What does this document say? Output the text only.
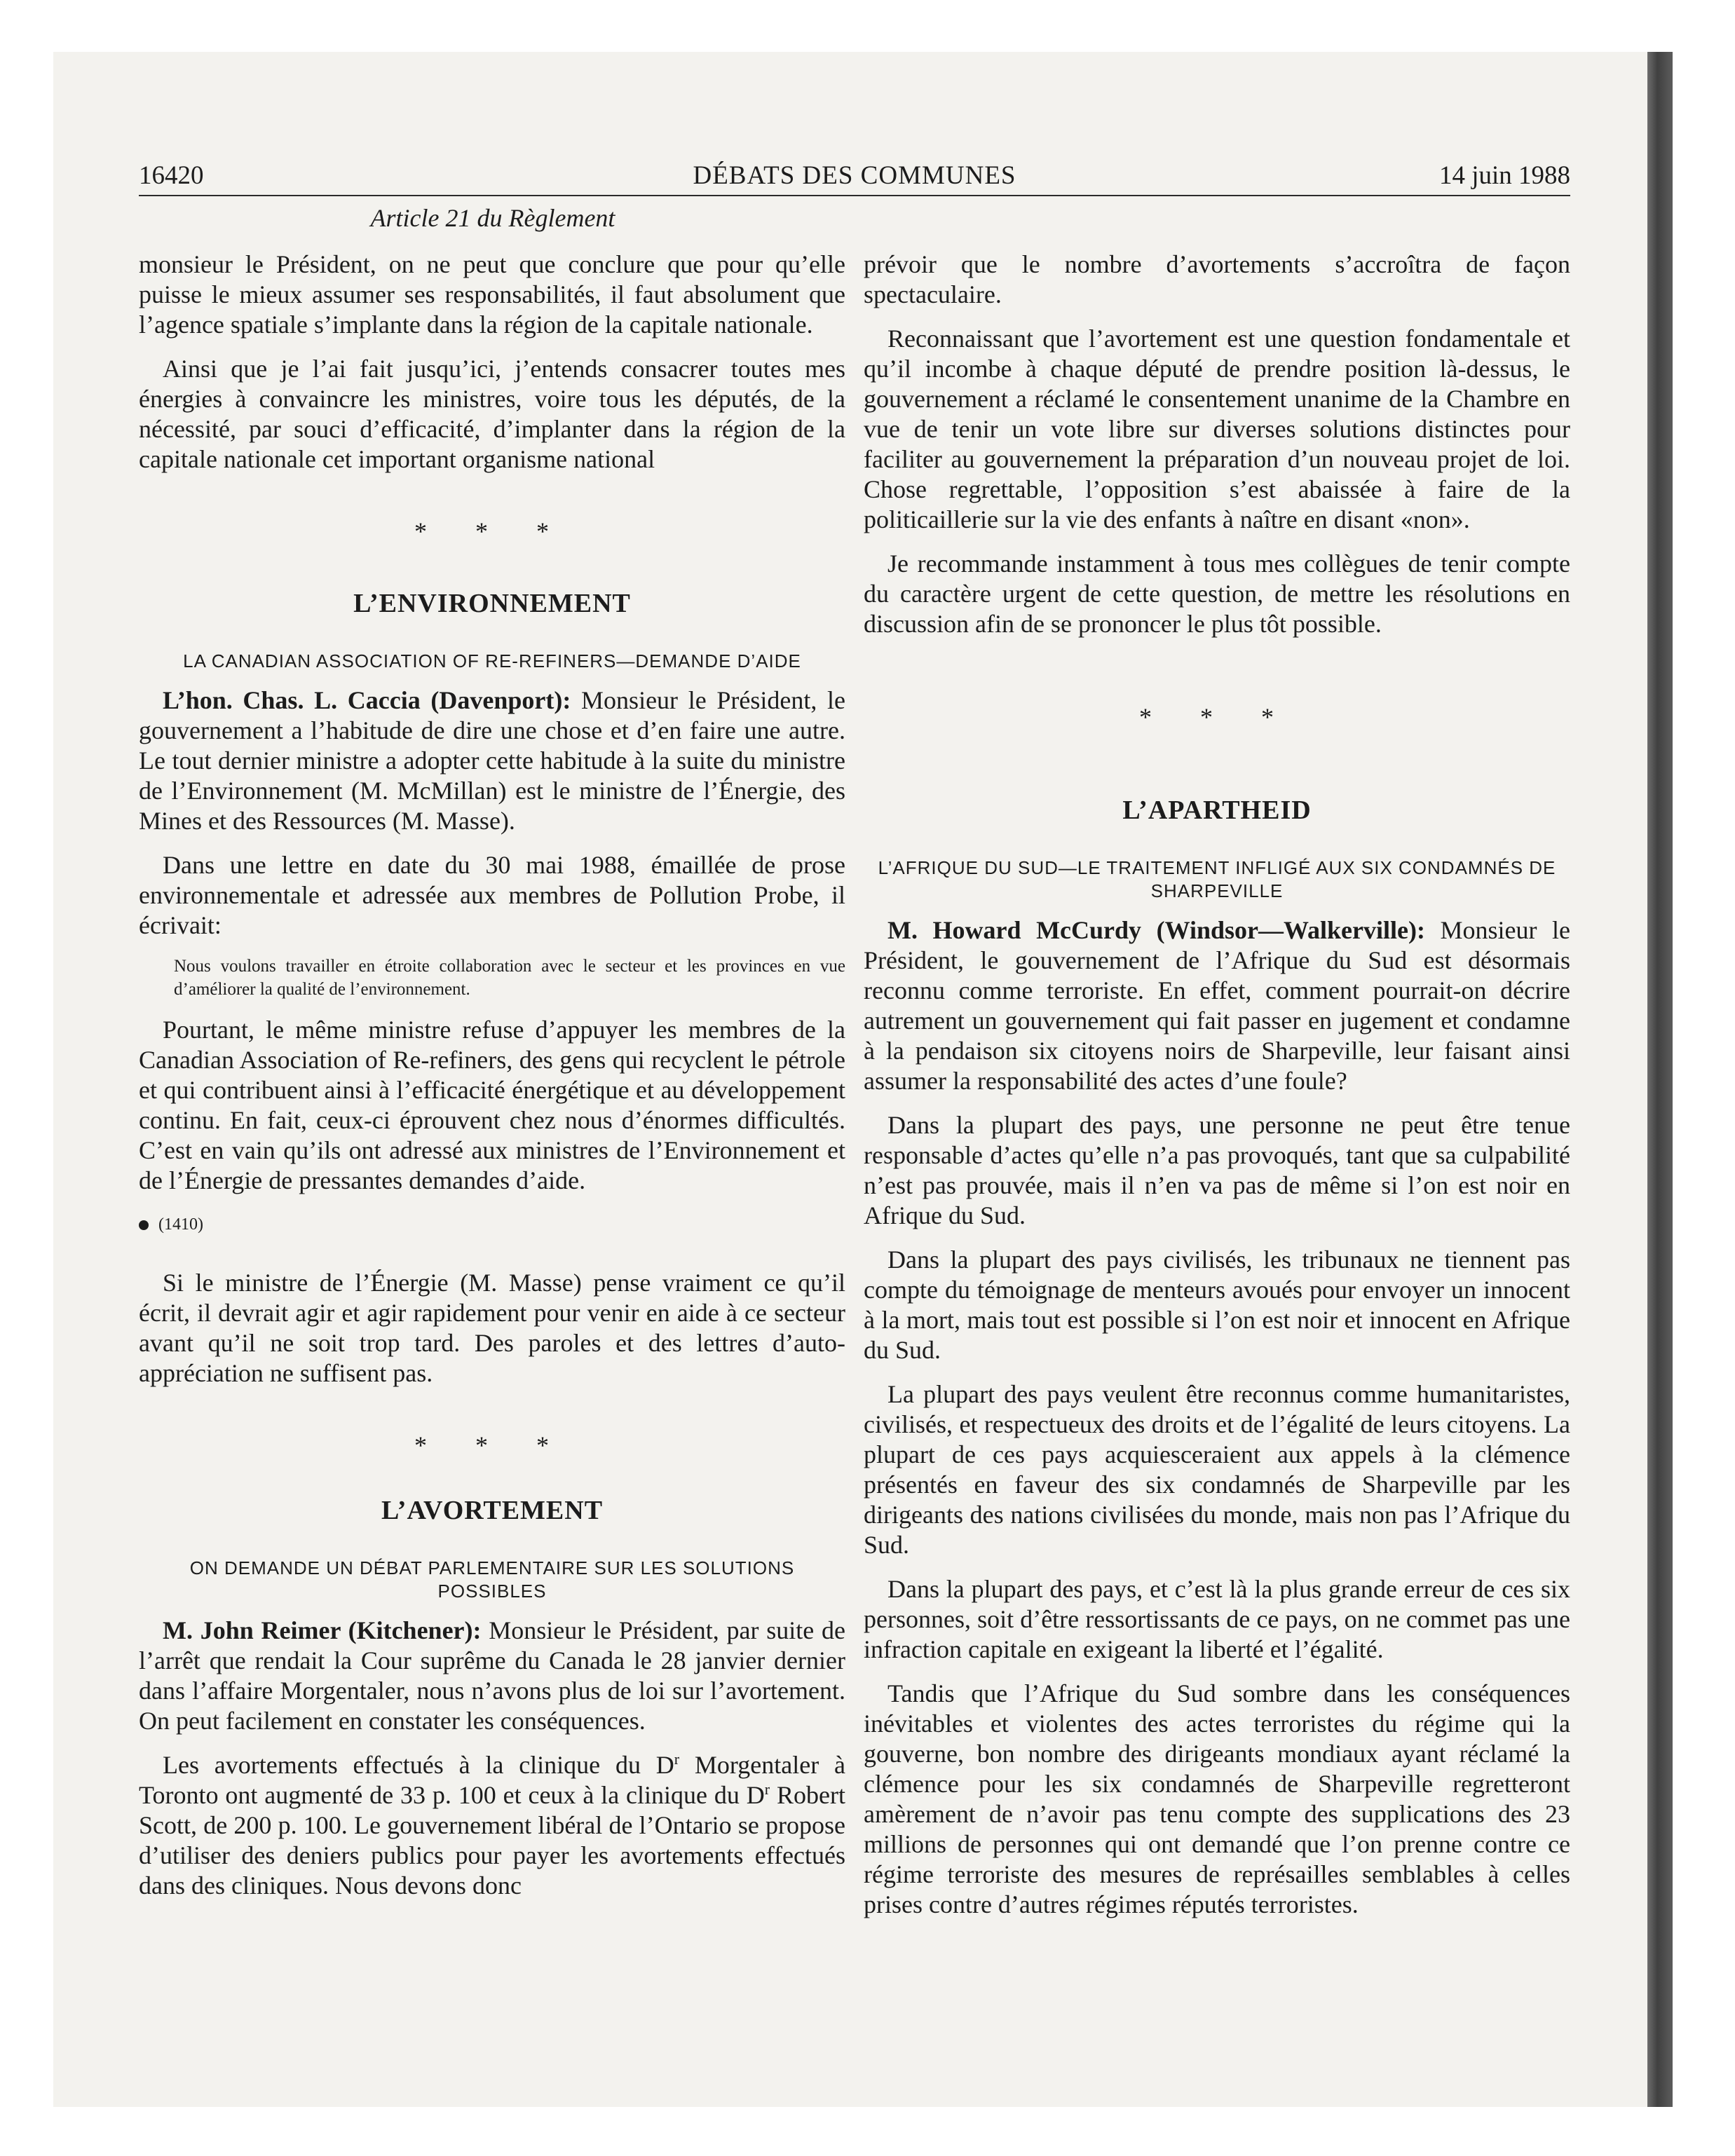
16420	DÉBATS DES COMMUNES	14 juin 1988
Article 21 du Règlement

monsieur le Président, on ne peut que conclure que pour qu’elle puisse le mieux assumer ses responsabilités, il faut absolument que l’agence spatiale s’implante dans la région de la capitale nationale.

Ainsi que je l’ai fait jusqu’ici, j’entends consacrer toutes mes énergies à convaincre les ministres, voire tous les députés, de la nécessité, par souci d’efficacité, d’implanter dans la région de la capitale nationale cet important organisme national

* * *
L’ENVIRONNEMENT
LA CANADIAN ASSOCIATION OF RE-REFINERS—DEMANDE D’AIDE

L’hon. Chas. L. Caccia (Davenport): Monsieur le Président, le gouvernement a l’habitude de dire une chose et d’en faire une autre. Le tout dernier ministre a adopter cette habitude à la suite du ministre de l’Environnement (M. McMillan) est le ministre de l’Énergie, des Mines et des Ressources (M. Masse).

Dans une lettre en date du 30 mai 1988, émaillée de prose environnementale et adressée aux membres de Pollution Probe, il écrivait:

Nous voulons travailler en étroite collaboration avec le secteur et les provinces en vue d’améliorer la qualité de l’environnement.

Pourtant, le même ministre refuse d’appuyer les membres de la Canadian Association of Re-refiners, des gens qui recyclent le pétrole et qui contribuent ainsi à l’efficacité énergétique et au développement continu. En fait, ceux-ci éprouvent chez nous d’énormes difficultés. C’est en vain qu’ils ont adressé aux ministres de l’Environnement et de l’Énergie de pressantes demandes d’aide.

(1410)

Si le ministre de l’Énergie (M. Masse) pense vraiment ce qu’il écrit, il devrait agir et agir rapidement pour venir en aide à ce secteur avant qu’il ne soit trop tard. Des paroles et des lettres d’auto-appréciation ne suffisent pas.

* * *
L’AVORTEMENT
ON DEMANDE UN DÉBAT PARLEMENTAIRE SUR LES SOLUTIONS POSSIBLES

M. John Reimer (Kitchener): Monsieur le Président, par suite de l’arrêt que rendait la Cour suprême du Canada le 28 janvier dernier dans l’affaire Morgentaler, nous n’avons plus de loi sur l’avortement. On peut facilement en constater les conséquences.

Les avortements effectués à la clinique du $D^r$ Morgentaler à Toronto ont augmenté de 33 p. 100 et ceux à la clinique du $D^r$ Robert Scott, de 200 p. 100. Le gouvernement libéral de l’Ontario se propose d’utiliser des deniers publics pour payer les avortements effectués dans des cliniques. Nous devons donc

prévoir que le nombre d’avortements s’accroîtra de façon spectaculaire.

Reconnaissant que l’avortement est une question fondamentale et qu’il incombe à chaque député de prendre position là-dessus, le gouvernement a réclamé le consentement unanime de la Chambre en vue de tenir un vote libre sur diverses solutions distinctes pour faciliter au gouvernement la préparation d’un nouveau projet de loi. Chose regrettable, l’opposition s’est abaissée à faire de la politicaillerie sur la vie des enfants à naître en disant «non».

Je recommande instamment à tous mes collègues de tenir compte du caractère urgent de cette question, de mettre les résolutions en discussion afin de se prononcer le plus tôt possible.

* * *
L’APARTHEID
L’AFRIQUE DU SUD—LE TRAITEMENT INFLIGÉ AUX SIX CONDAMNÉS DE SHARPEVILLE

M. Howard McCurdy (Windsor—Walkerville): Monsieur le Président, le gouvernement de l’Afrique du Sud est désormais reconnu comme terroriste. En effet, comment pourrait-on décrire autrement un gouvernement qui fait passer en jugement et condamne à la pendaison six citoyens noirs de Sharpeville, leur faisant ainsi assumer la responsabilité des actes d’une foule?

Dans la plupart des pays, une personne ne peut être tenue responsable d’actes qu’elle n’a pas provoqués, tant que sa culpabilité n’est pas prouvée, mais il n’en va pas de même si l’on est noir en Afrique du Sud.

Dans la plupart des pays civilisés, les tribunaux ne tiennent pas compte du témoignage de menteurs avoués pour envoyer un innocent à la mort, mais tout est possible si l’on est noir et innocent en Afrique du Sud.

La plupart des pays veulent être reconnus comme humanitaristes, civilisés, et respectueux des droits et de l’égalité de leurs citoyens. La plupart de ces pays acquiesceraient aux appels à la clémence présentés en faveur des six condamnés de Sharpeville par les dirigeants des nations civilisées du monde, mais non pas l’Afrique du Sud.

Dans la plupart des pays, et c’est là la plus grande erreur de ces six personnes, soit d’être ressortissants de ce pays, on ne commet pas une infraction capitale en exigeant la liberté et l’égalité.

Tandis que l’Afrique du Sud sombre dans les conséquences inévitables et violentes des actes terroristes du régime qui la gouverne, bon nombre des dirigeants mondiaux ayant réclamé la clémence pour les six condamnés de Sharpeville regretteront amèrement de n’avoir pas tenu compte des supplications des 23 millions de personnes qui ont demandé que l’on prenne contre ce régime terroriste des mesures de représailles semblables à celles prises contre d’autres régimes réputés terroristes.
